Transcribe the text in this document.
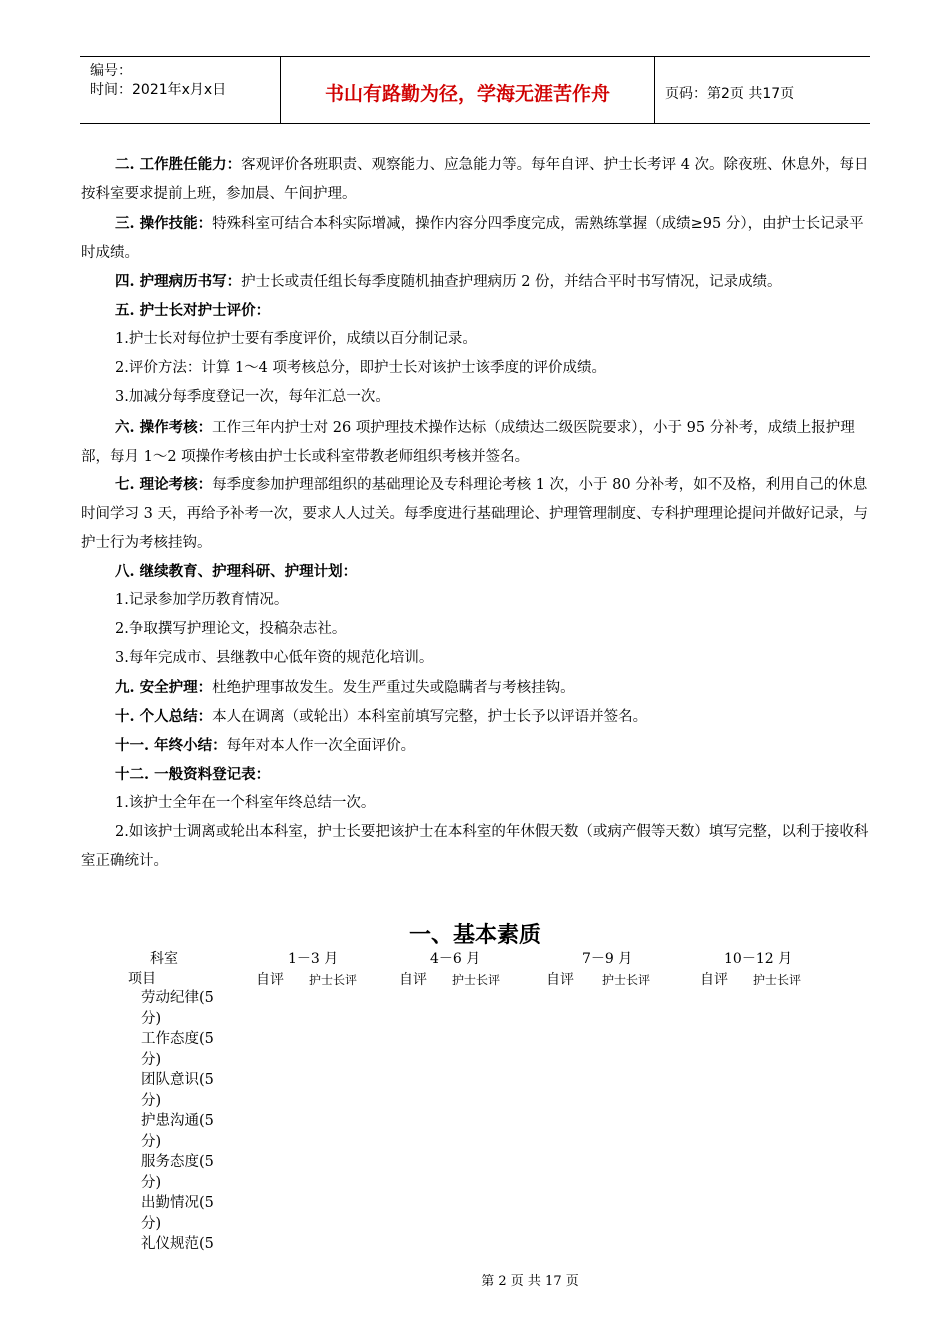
编号：
时间：2021年x月x日	书山有路勤为径，学海无涯苦作舟	页码：第2页 共17页

二. 工作胜任能力：客观评价各班职责、观察能力、应急能力等。每年自评、护士长考评 4 次。除夜班、休息外，每日按科室要求提前上班，参加晨、午间护理。

三. 操作技能：特殊科室可结合本科实际增减，操作内容分四季度完成，需熟练掌握（成绩≥95 分），由护士长记录平时成绩。

四. 护理病历书写：护士长或责任组长每季度随机抽查护理病历 2 份，并结合平时书写情况，记录成绩。

五. 护士长对护士评价：

1.护士长对每位护士要有季度评价，成绩以百分制记录。

2.评价方法：计算 1～4 项考核总分，即护士长对该护士该季度的评价成绩。

3.加减分每季度登记一次，每年汇总一次。

六. 操作考核：工作三年内护士对 26 项护理技术操作达标（成绩达二级医院要求），小于 95 分补考，成绩上报护理部，每月 1～2 项操作考核由护士长或科室带教老师组织考核并签名。

七. 理论考核：每季度参加护理部组织的基础理论及专科理论考核 1 次，小于 80 分补考，如不及格，利用自己的休息时间学习 3 天，再给予补考一次，要求人人过关。每季度进行基础理论、护理管理制度、专科护理理论提问并做好记录，与护士行为考核挂钩。

八. 继续教育、护理科研、护理计划：

1.记录参加学历教育情况。

2.争取撰写护理论文，投稿杂志社。

3.每年完成市、县继教中心低年资的规范化培训。

九. 安全护理：杜绝护理事故发生。发生严重过失或隐瞒者与考核挂钩。

十. 个人总结：本人在调离（或轮出）本科室前填写完整，护士长予以评语并签名。

十一. 年终小结：每年对本人作一次全面评价。

十二. 一般资料登记表：

1.该护士全年在一个科室年终总结一次。

2.如该护士调离或轮出本科室，护士长要把该护士在本科室的年休假天数（或病产假等天数）填写完整，以利于接收科室正确统计。

一、基本素质
科室
项目
1－3 月	4－6 月	7－9 月	10－12 月
自评 护士长评	自评 护士长评	自评 护士长评	自评 护士长评
劳动纪律(5分)
工作态度(5分)
团队意识(5分)
护患沟通(5分)
服务态度(5分)
出勤情况(5分)
礼仪规范(5
第 2 页 共 17 页
